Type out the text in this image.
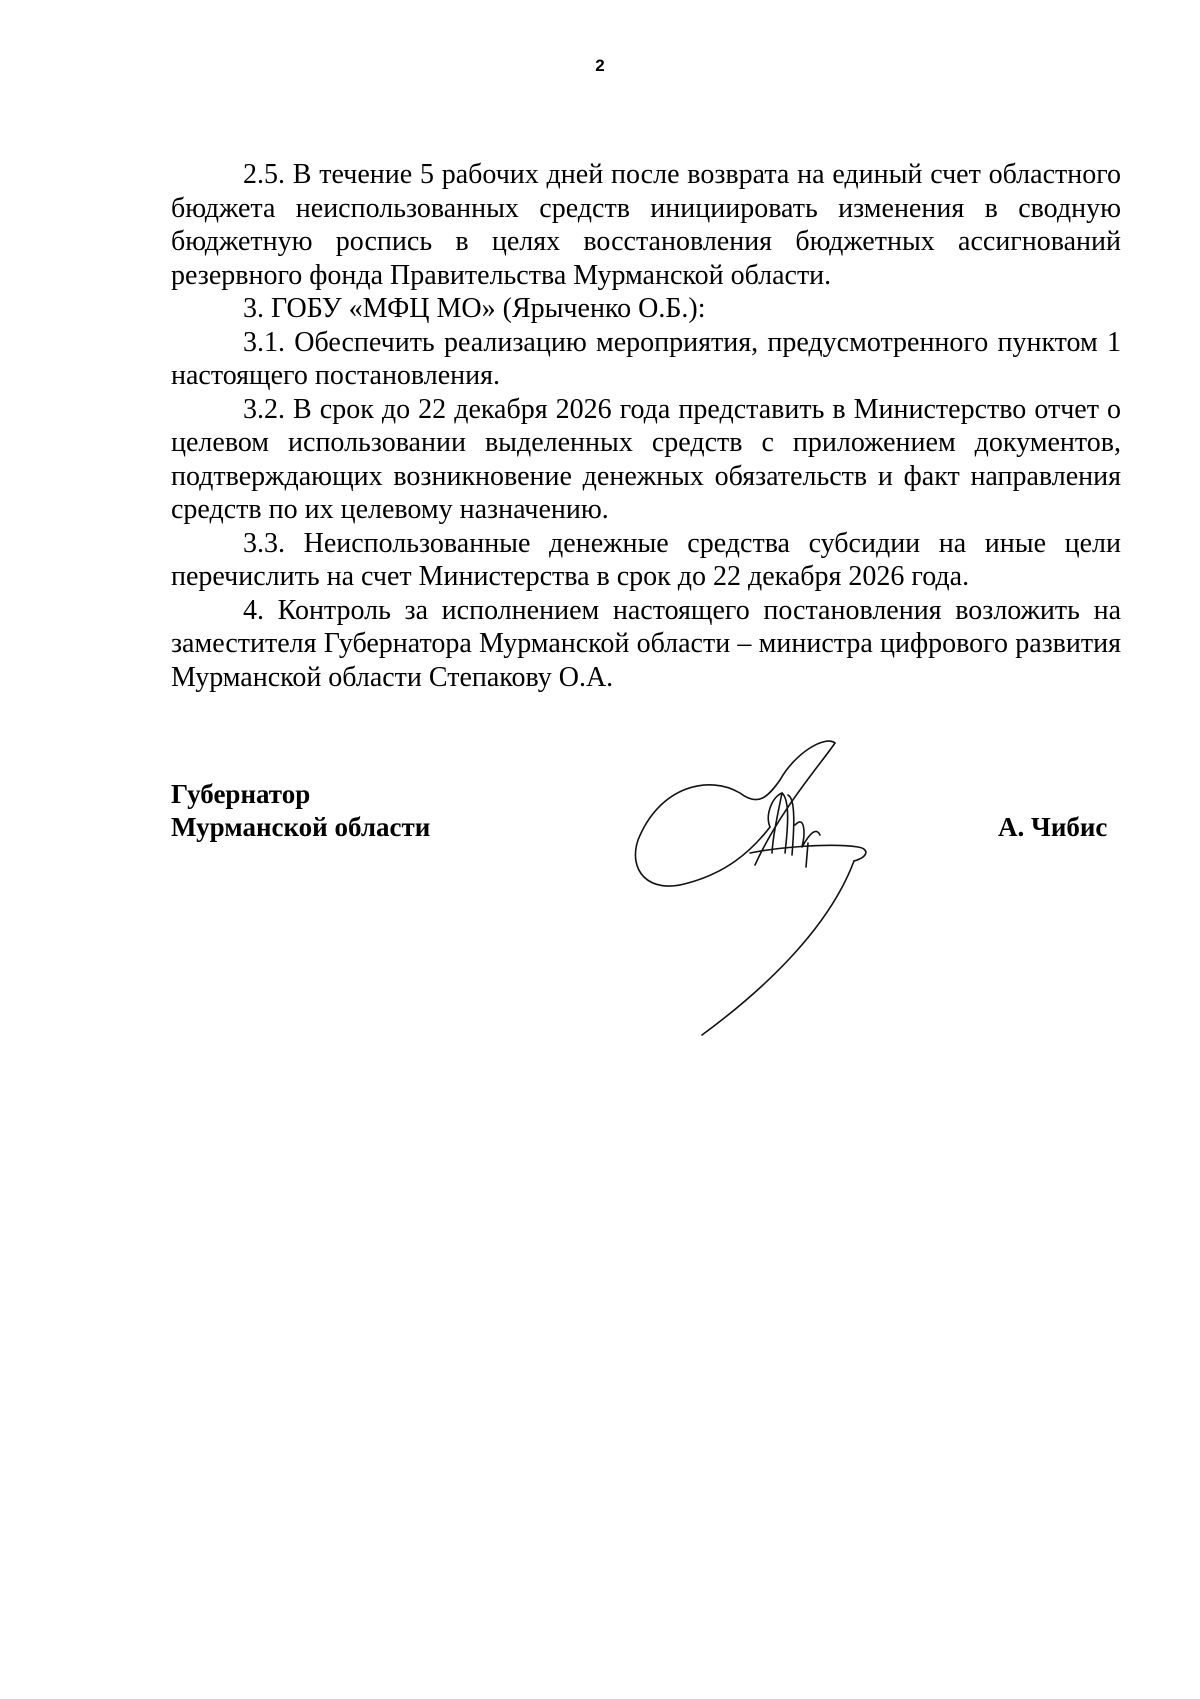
2

2.5. В течение 5 рабочих дней после возврата на единый счет областного бюджета неиспользованных средств инициировать изменения в сводную бюджетную роспись в целях восстановления бюджетных ассигнований резервного фонда Правительства Мурманской области.

3. ГОБУ «МФЦ МО» (Ярыченко О.Б.):

3.1. Обеспечить реализацию мероприятия, предусмотренного пунктом 1 настоящего постановления.

3.2. В срок до 22 декабря 2026 года представить в Министерство отчет о целевом использовании выделенных средств с приложением документов, подтверждающих возникновение денежных обязательств и факт направления средств по их целевому назначению.

3.3. Неиспользованные денежные средства субсидии на иные цели перечислить на счет Министерства в срок до 22 декабря 2026 года.

4. Контроль за исполнением настоящего постановления возложить на заместителя Губернатора Мурманской области – министра цифрового развития Мурманской области Степакову О.А.

Губернатор
Мурманской области	А. Чибис
